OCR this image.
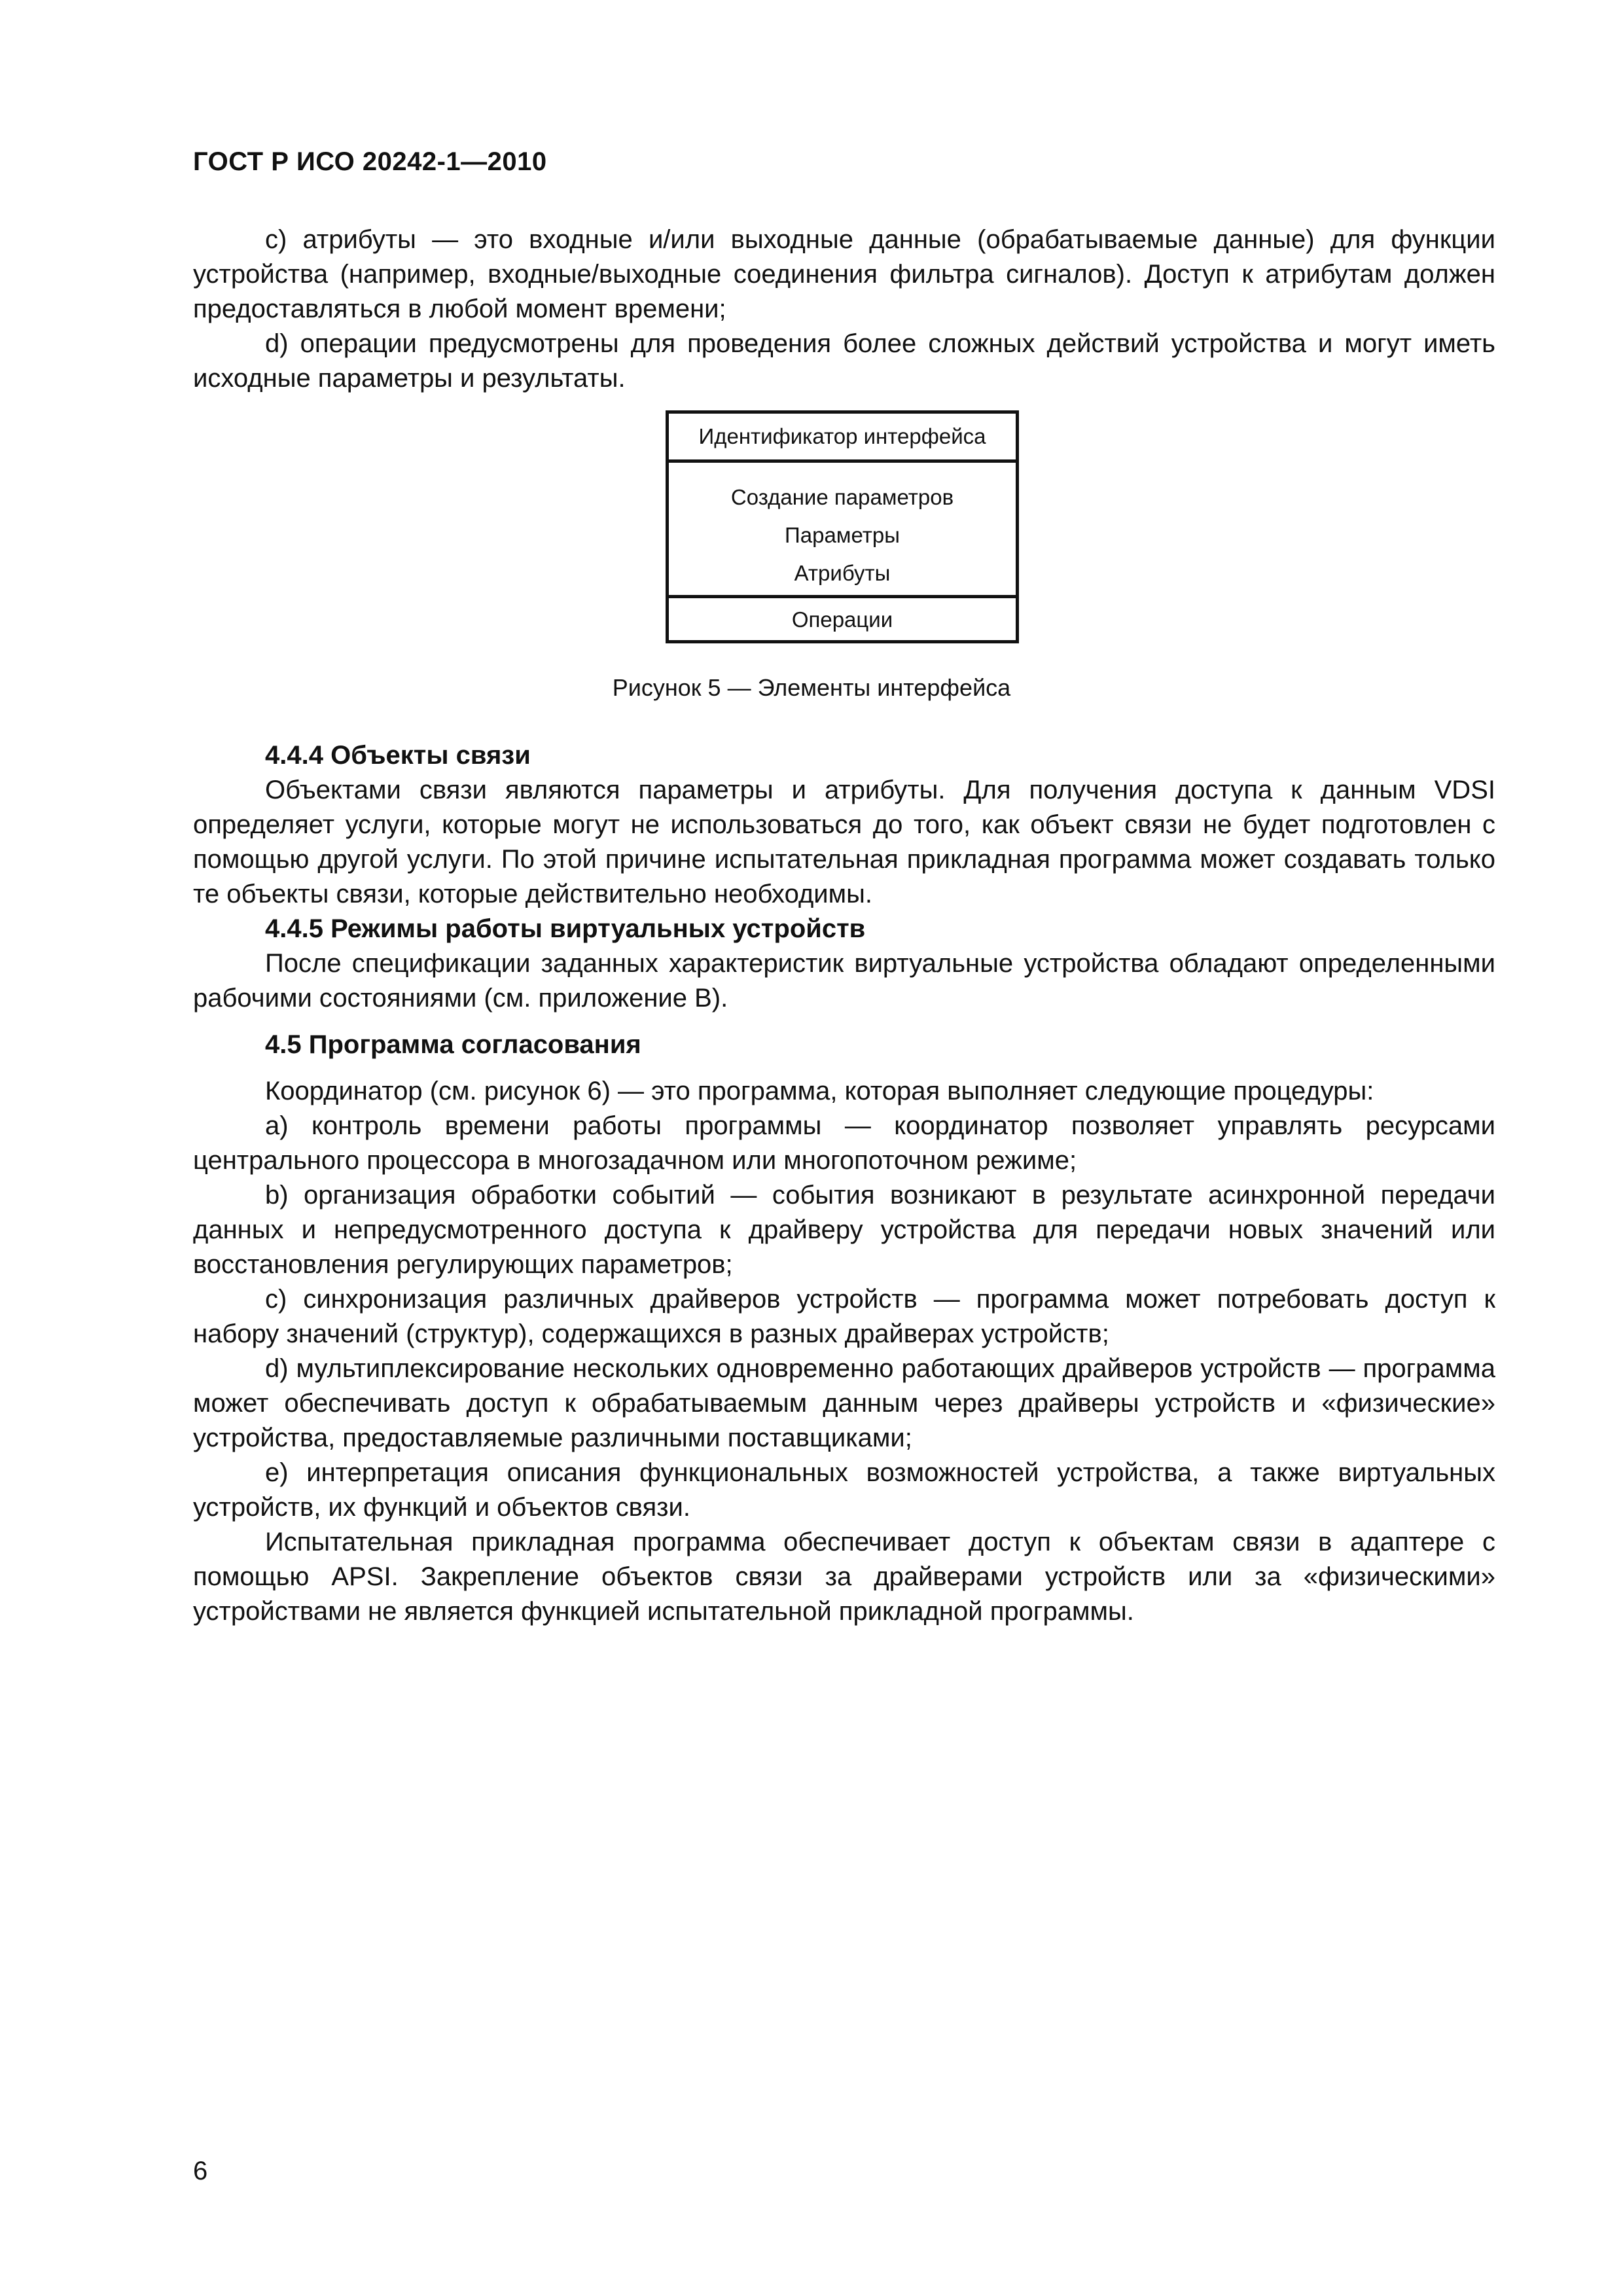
ГОСТ Р ИСО 20242-1—2010

с) атрибуты — это входные и/или выходные данные (обрабатываемые данные) для функции устройства (например, входные/выходные соединения фильтра сигналов). Доступ к атрибутам должен предоставляться в любой момент времени;

d) операции предусмотрены для проведения более сложных действий устройства и могут иметь исходные параметры и результаты.

Идентификатор интерфейса
Создание параметров
Параметры
Атрибуты
Операции
Рисунок 5 — Элементы интерфейса
4.4.4 Объекты связи

Объектами связи являются параметры и атрибуты. Для получения доступа к данным VDSI определяет услуги, которые могут не использоваться до того, как объект связи не будет подготовлен с помощью другой услуги. По этой причине испытательная прикладная программа может создавать только те объекты связи, которые действительно необходимы.

4.4.5 Режимы работы виртуальных устройств

После спецификации заданных характеристик виртуальные устройства обладают определенными рабочими состояниями (см. приложение В).

4.5 Программа согласования

Координатор (см. рисунок 6) — это программа, которая выполняет следующие процедуры:

а) контроль времени работы программы — координатор позволяет управлять ресурсами центрального процессора в многозадачном или многопоточном режиме;

b) организация обработки событий — события возникают в результате асинхронной передачи данных и непредусмотренного доступа к драйверу устройства для передачи новых значений или восстановления регулирующих параметров;

с) синхронизация различных драйверов устройств — программа может потребовать доступ к набору значений (структур), содержащихся в разных драйверах устройств;

d) мультиплексирование нескольких одновременно работающих драйверов устройств — программа может обеспечивать доступ к обрабатываемым данным через драйверы устройств и «физические» устройства, предоставляемые различными поставщиками;

е) интерпретация описания функциональных возможностей устройства, а также виртуальных устройств, их функций и объектов связи.

Испытательная прикладная программа обеспечивает доступ к объектам связи в адаптере с помощью APSI. Закрепление объектов связи за драйверами устройств или за «физическими» устройствами не является функцией испытательной прикладной программы.

6
